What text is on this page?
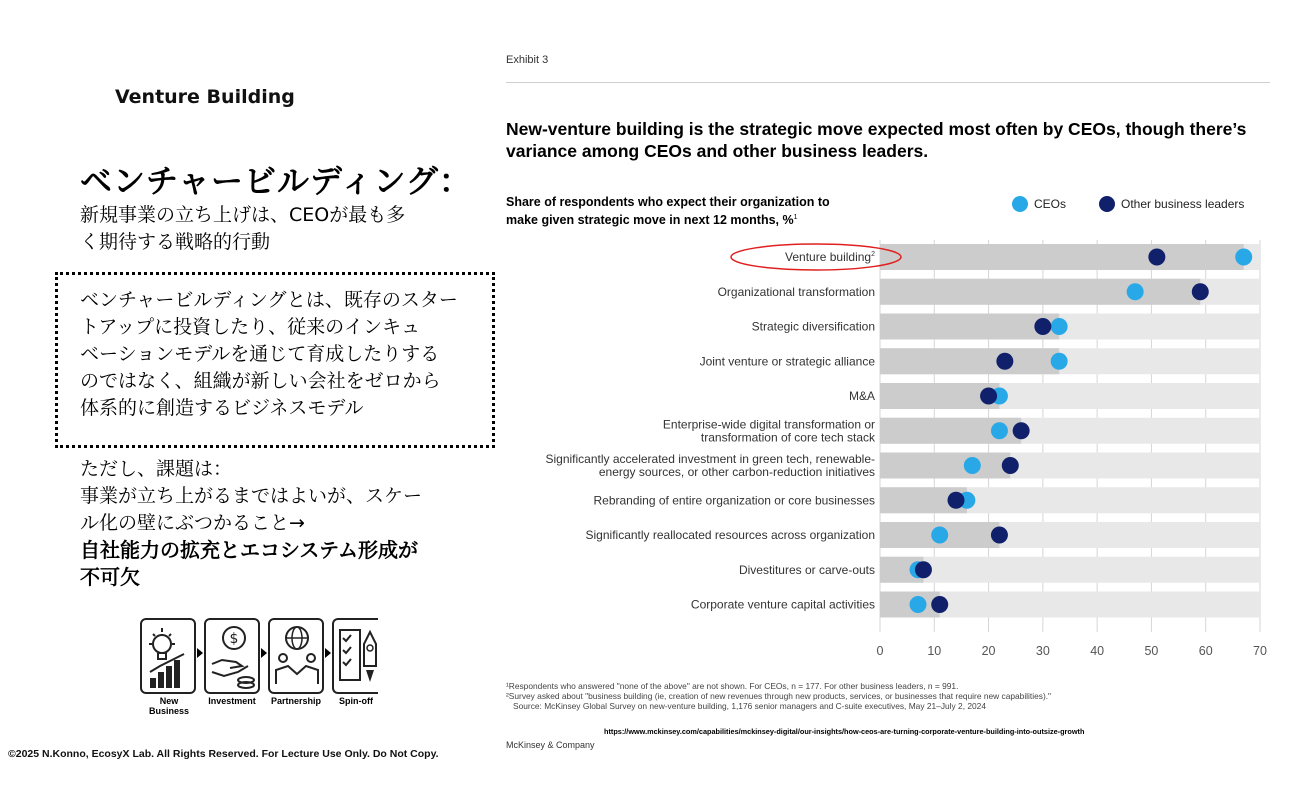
Venture Building
ベンチャービルディング：
新規事業の立ち上げは、CEOが最も多
く期待する戦略的行動
ベンチャービルディングとは、既存のスター
トアップに投資したり、従来のインキュ
ベーションモデルを通じて育成したりする
のではなく、組織が新しい会社をゼロから
体系的に創造するビジネスモデル
ただし、課題は：
事業が立ち上がるまではよいが、スケー
ル化の壁にぶつかること→
自社能力の拡充とエコシステム形成が
不可欠
$
New
Business
Investment	Partnership	Spin-off
©2025 N.Konno, EcosyX Lab. All Rights Reserved. For Lecture Use Only. Do Not Copy.
Exhibit 3
New-venture building is the strategic move expected most often by CEOs, though there’s variance among CEOs and other business leaders.
Share of respondents who expect their organization to
make given strategic move in next 12 months, %$^1$
CEOs	Other business leaders
Venture building$^2$
Organizational transformation
Strategic diversification
Joint venture or strategic alliance
M&A
Enterprise-wide digital transformation or
transformation of core tech stack
Significantly accelerated investment in green tech, renewable-
energy sources, or other carbon-reduction initiatives
Rebranding of entire organization or core businesses
Significantly reallocated resources across organization
Divestitures or carve-outs
Corporate venture capital activities
0	10	20	30	40	50	60	70
¹Respondents who answered "none of the above" are not shown. For CEOs, n = 177. For other business leaders, n = 991.
²Survey asked about "business building (ie, creation of new revenues through new products, services, or businesses that require new capabilities)."
Source: McKinsey Global Survey on new-venture building, 1,176 senior managers and C-suite executives, May 21–July 2, 2024
https://www.mckinsey.com/capabilities/mckinsey-digital/our-insights/how-ceos-are-turning-corporate-venture-building-into-outsize-growth
McKinsey & Company
